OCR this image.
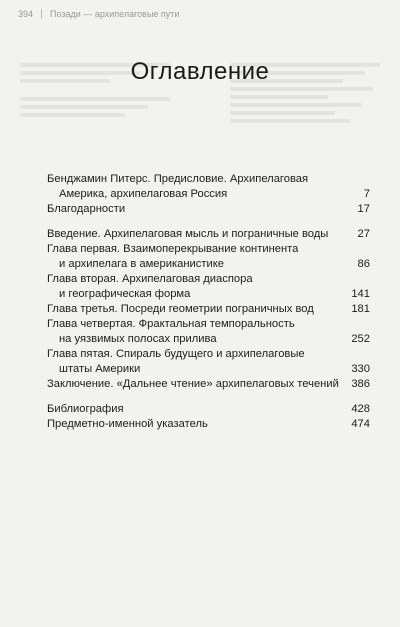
394 Позади — архипелаговые пути
Оглавление
Бенджамин Питерс. Предисловие. Архипелаговая
Америка, архипелаговая Россия	7
Благодарности	17
Введение. Архипелаговая мысль и пограничные воды	27
Глава первая. Взаимоперекрывание континента
и архипелага в американистике	86
Глава вторая. Архипелаговая диаспора
и географическая форма	141
Глава третья. Посреди геометрии пограничных вод	181
Глава четвертая. Фрактальная темпоральность
на уязвимых полосах прилива	252
Глава пятая. Спираль будущего и архипелаговые
штаты Америки	330
Заключение. «Дальнее чтение» архипелаговых течений	386
Библиография	428
Предметно-именной указатель	474
